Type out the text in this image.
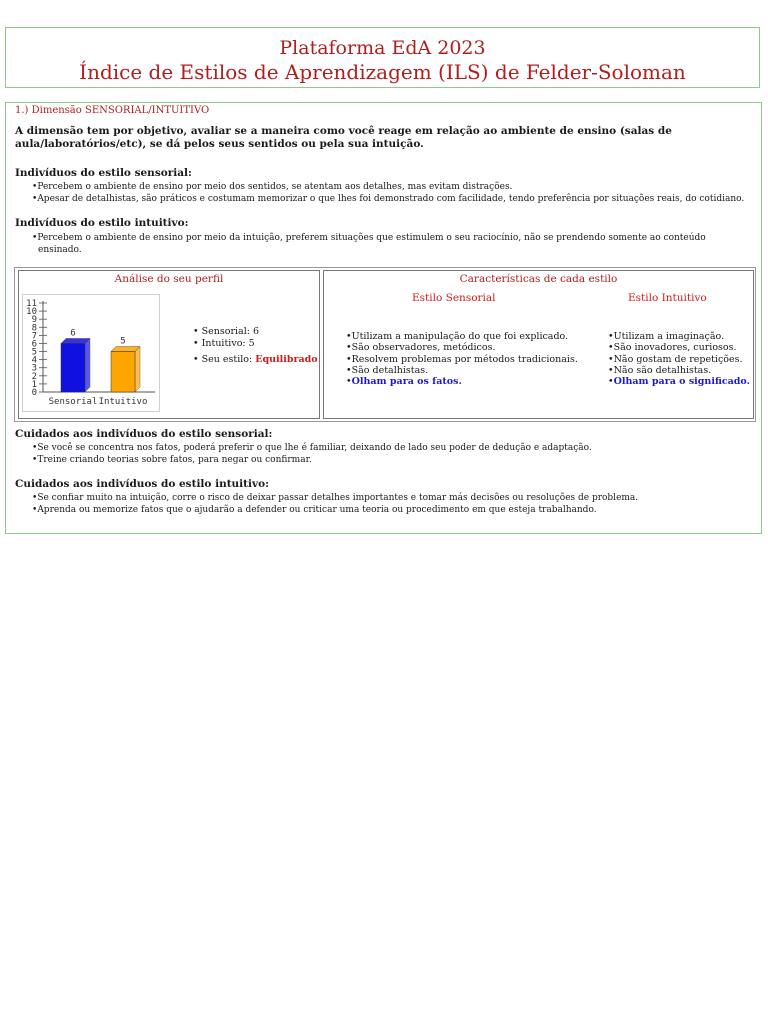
Plataforma EdA 2023
Índice de Estilos de Aprendizagem (ILS) de Felder-Soloman
1.) Dimensão SENSORIAL/INTUITIVO
A dimensão tem por objetivo, avaliar se a maneira como você reage em relação ao ambiente de ensino (salas de aula/laboratórios/etc), se dá pelos seus sentidos ou pela sua intuição.
Indivíduos do estilo sensorial:
• Percebem o ambiente de ensino por meio dos sentidos, se atentam aos detalhes, mas evitam distrações.
• Apesar de detalhistas, são práticos e costumam memorizar o que lhes foi demonstrado com facilidade, tendo preferência por situações reais, do cotidiano.
Indivíduos do estilo intuitivo:
• Percebem o ambiente de ensino por meio da intuição, preferem situações que estimulem o seu raciocínio, não se prendendo somente ao conteúdo ensinado.
Análise do seu perfil
0
1
2
3
4
5
6
7
8
9
10
11
6
Sensorial
5
Intuitivo
• Sensorial: 6
• Intuitivo: 5
• Seu estilo: Equilibrado
Características de cada estilo
Estilo Sensorial	Estilo Intuitivo
• Utilizam a manipulação do que foi explicado.
• São observadores, metódicos.
• Resolvem problemas por métodos tradicionais.
• São detalhistas.
• Olham para os fatos.
• Utilizam a imaginação.
• São inovadores, curiosos.
• Não gostam de repetições.
• Não são detalhistas.
• Olham para o significado.
Cuidados aos indivíduos do estilo sensorial:
• Se você se concentra nos fatos, poderá preferir o que lhe é familiar, deixando de lado seu poder de dedução e adaptação.
• Treine criando teorias sobre fatos, para negar ou confirmar.
Cuidados aos indivíduos do estilo intuitivo:
• Se confiar muito na intuição, corre o risco de deixar passar detalhes importantes e tomar más decisões ou resoluções de problema.
• Aprenda ou memorize fatos que o ajudarão a defender ou criticar uma teoria ou procedimento em que esteja trabalhando.
